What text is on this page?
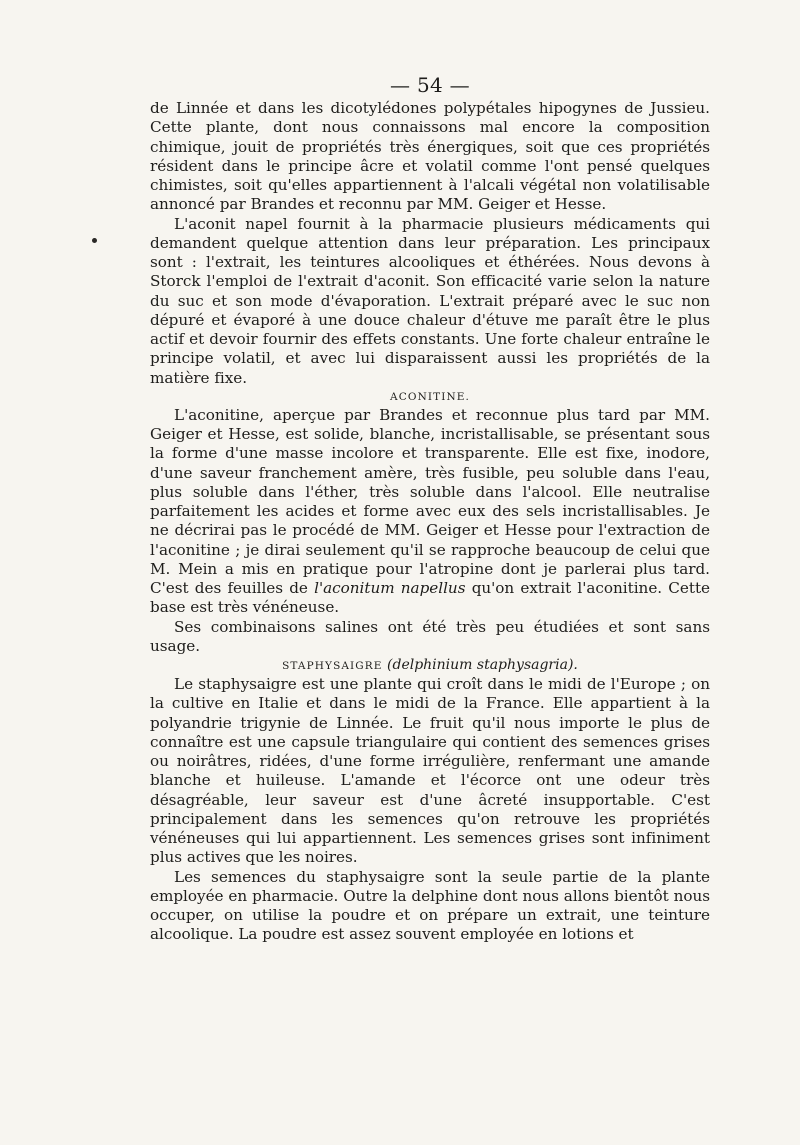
— 54 —

de Linnée et dans les dicotylédones polypétales hipogynes de Jussieu. Cette plante, dont nous connaissons mal encore la composition chimique, jouit de propriétés très énergiques, soit que ces propriétés résident dans le principe âcre et volatil comme l'ont pensé quelques chimistes, soit qu'elles appartiennent à l'alcali végétal non volatilisable annoncé par Brandes et reconnu par MM. Geiger et Hesse.

L'aconit napel fournit à la pharmacie plusieurs médicaments qui demandent quelque attention dans leur préparation. Les principaux sont : l'extrait, les teintures alcooliques et éthérées. Nous devons à Storck l'emploi de l'extrait d'aconit. Son efficacité varie selon la nature du suc et son mode d'évaporation. L'extrait préparé avec le suc non dépuré et évaporé à une douce chaleur d'étuve me paraît être le plus actif et devoir fournir des effets constants. Une forte chaleur entraîne le principe volatil, et avec lui disparaissent aussi les propriétés de la matière fixe.

ACONITINE.

L'aconitine, aperçue par Brandes et reconnue plus tard par MM. Geiger et Hesse, est solide, blanche, incristallisable, se présentant sous la forme d'une masse incolore et transparente. Elle est fixe, inodore, d'une saveur franchement amère, très fusible, peu soluble dans l'eau, plus soluble dans l'éther, très soluble dans l'alcool. Elle neutralise parfaitement les acides et forme avec eux des sels incristallisables. Je ne décrirai pas le procédé de MM. Geiger et Hesse pour l'extraction de l'aconitine ; je dirai seulement qu'il se rapproche beaucoup de celui que M. Mein a mis en pratique pour l'atropine dont je parlerai plus tard. C'est des feuilles de l'aconitum napellus qu'on extrait l'aconitine. Cette base est très vénéneuse.

Ses combinaisons salines ont été très peu étudiées et sont sans usage.

STAPHYSAIGRE (delphinium staphysagria).

Le staphysaigre est une plante qui croît dans le midi de l'Europe ; on la cultive en Italie et dans le midi de la France. Elle appartient à la polyandrie trigynie de Linnée. Le fruit qu'il nous importe le plus de connaître est une capsule triangulaire qui contient des semences grises ou noirâtres, ridées, d'une forme irrégulière, renfermant une amande blanche et huileuse. L'amande et l'écorce ont une odeur très désagréable, leur saveur est d'une âcreté insupportable. C'est principalement dans les semences qu'on retrouve les propriétés vénéneuses qui lui appartiennent. Les semences grises sont infiniment plus actives que les noires.

Les semences du staphysaigre sont la seule partie de la plante employée en pharmacie. Outre la delphine dont nous allons bientôt nous occuper, on utilise la poudre et on prépare un extrait, une teinture alcoolique. La poudre est assez souvent employée en lotions et
